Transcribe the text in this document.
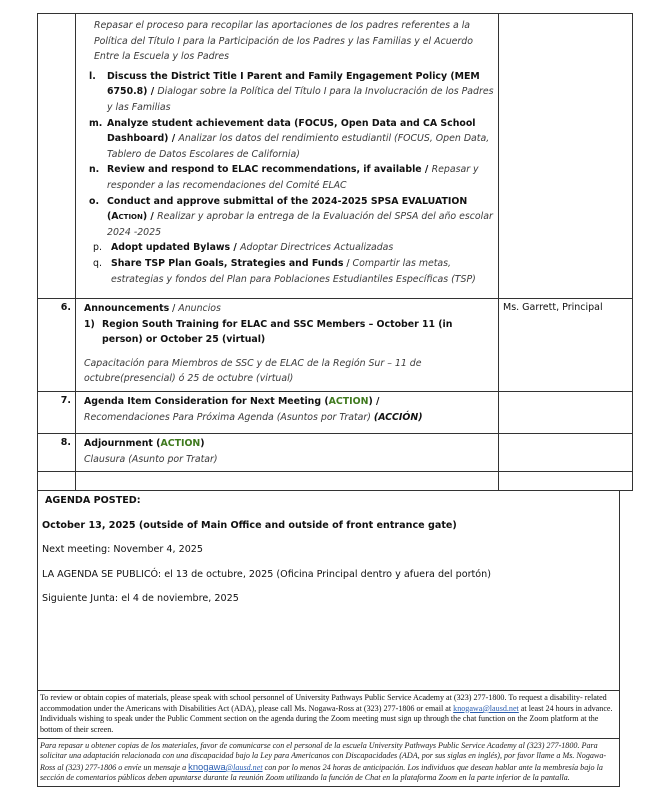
Repasar el proceso para recopilar las aportaciones de los padres referentes a la Política del Título I para la Participación de los Padres y las Familias y el Acuerdo Entre la Escuela y los Padres
l.	Discuss the District Title I Parent and Family Engagement Policy (MEM 6750.8) / Dialogar sobre la Política del Título I para la Involucración de los Padres y las Familias
m. Analyze student achievement data (FOCUS, Open Data and CA School Dashboard) / Analizar los datos del rendimiento estudiantil (FOCUS, Open Data, Tablero de Datos Escolares de California)
n. Review and respond to ELAC recommendations, if available / Repasar y responder a las recomendaciones del Comité ELAC
o. Conduct and approve submittal of the 2024-2025 SPSA EVALUATION (Action) / Realizar y aprobar la entrega de la Evaluación del SPSA del año escolar 2024 -2025
p. Adopt updated Bylaws / Adoptar Directrices Actualizadas
q. Share TSP Plan Goals, Strategies and Funds / Compartir las metas, estrategias y fondos del Plan para Poblaciones Estudiantiles Específicas (TSP)

6.	Announcements / Anuncios
1) Region South Training for ELAC and SSC Members – October 11 (in person) or October 25 (virtual)
Capacitación para Miembros de SSC y de ELAC de la Región Sur – 11 de octubre(presencial) ó 25 de octubre (virtual)	Ms. Garrett, Principal
7.	Agenda Item Consideration for Next Meeting (ACTION) /
Recomendaciones Para Próxima Agenda (Asuntos por Tratar) (ACCIÓN)	

8.	Adjournment (ACTION)
Clausura (Asunto por Tratar)	

AGENDA POSTED:

October 13, 2025 (outside of Main Office and outside of front entrance gate)

Next meeting: November 4, 2025

LA AGENDA SE PUBLICÓ: el 13 de octubre, 2025 (Oficina Principal dentro y afuera del portón)

Siguiente Junta: el 4 de noviembre, 2025

To review or obtain copies of materials, please speak with school personnel of University Pathways Public Service Academy at (323) 277-1800. To request a disability- related accommodation under the Americans with Disabilities Act (ADA), please call Ms. Nogawa-Ross at (323) 277-1806 or email at knogawa@lausd.net at least 24 hours in advance. Individuals wishing to speak under the Public Comment section on the agenda during the Zoom meeting must sign up through the chat function on the Zoom platform at the bottom of their screen.
Para repasar u obtener copias de los materiales, favor de comunicarse con el personal de la escuela University Pathways Public Service Academy al (323) 277-1800. Para solicitar una adaptación relacionada con una discapacidad bajo la Ley para Americanos con Discapacidades (ADA, por sus siglas en inglés), por favor llame a Ms. Nogawa-Ross al (323) 277-1806 o envíe un mensaje a knogawa@lausd.net con por lo menos 24 horas de anticipación. Los individuos que desean hablar ante la membresía bajo la sección de comentarios públicos deben apuntarse durante la reunión Zoom utilizando la función de Chat en la plataforma Zoom en la parte inferior de la pantalla.
